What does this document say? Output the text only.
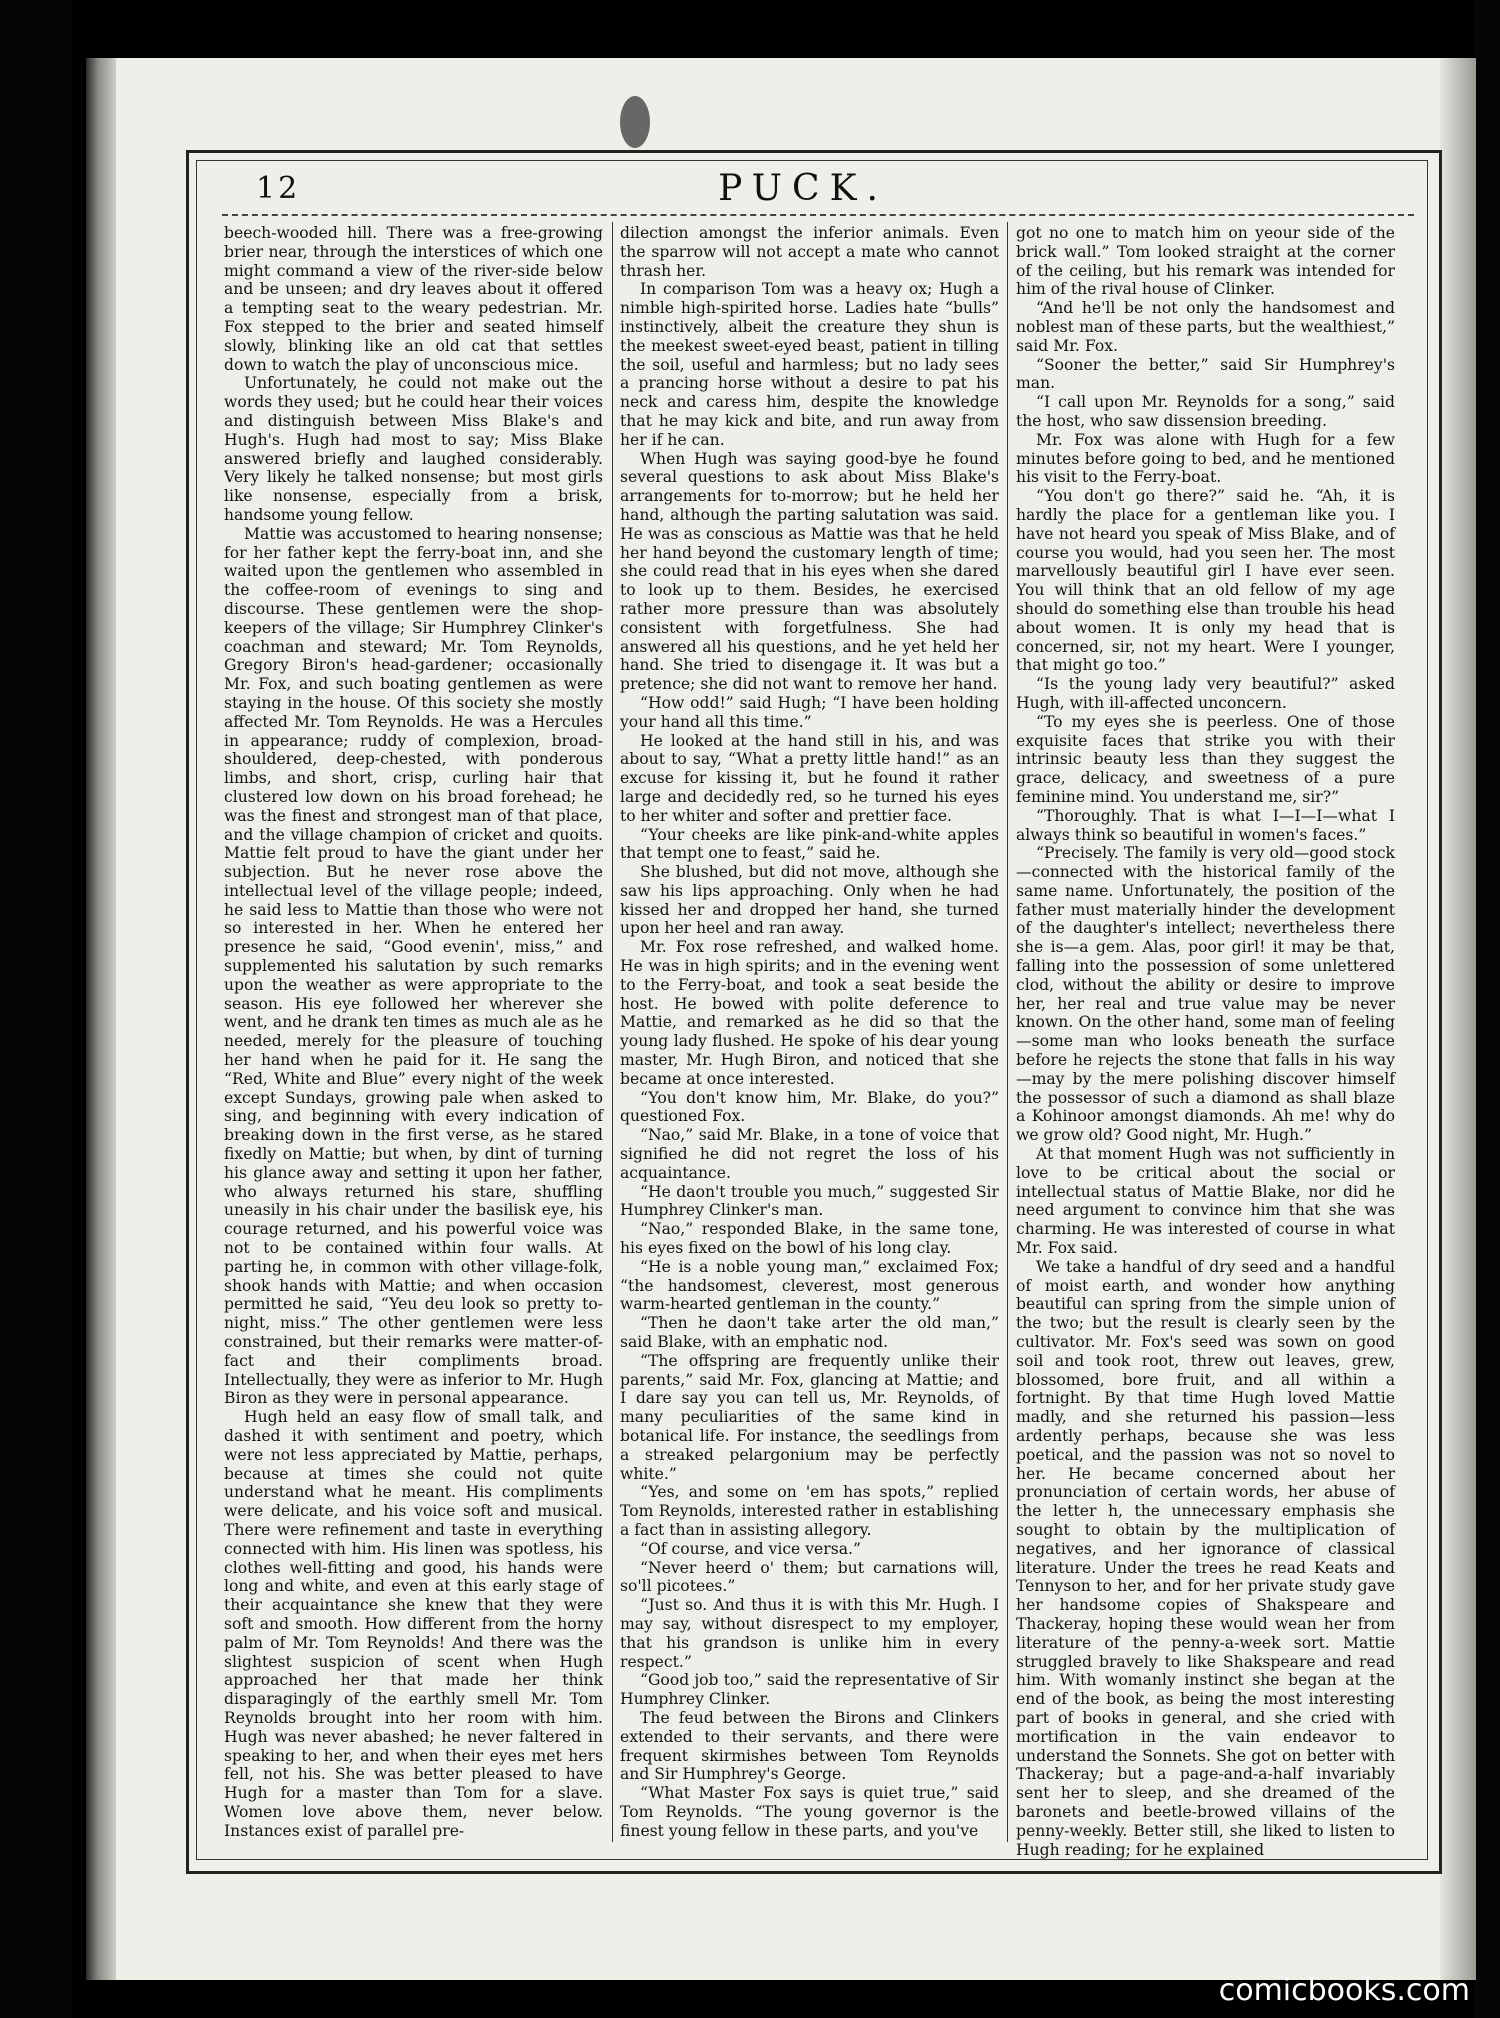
12	PUCK.

beech-wooded hill. There was a free-growing brier near, through the interstices of which one might command a view of the river-side below and be unseen; and dry leaves about it offered a tempting seat to the weary pedestrian. Mr. Fox stepped to the brier and seated himself slowly, blinking like an old cat that settles down to watch the play of unconscious mice.

Unfortunately, he could not make out the words they used; but he could hear their voices and distinguish between Miss Blake's and Hugh's. Hugh had most to say; Miss Blake answered briefly and laughed considerably. Very likely he talked nonsense; but most girls like nonsense, especially from a brisk, handsome young fellow.

Mattie was accustomed to hearing nonsense; for her father kept the ferry-boat inn, and she waited upon the gentlemen who assembled in the coffee-room of evenings to sing and discourse. These gentlemen were the shop-keepers of the village; Sir Humphrey Clinker's coachman and steward; Mr. Tom Reynolds, Gregory Biron's head-gardener; occasionally Mr. Fox, and such boating gentlemen as were staying in the house. Of this society she mostly affected Mr. Tom Reynolds. He was a Hercules in appearance; ruddy of complexion, broad-shouldered, deep-chested, with ponderous limbs, and short, crisp, curling hair that clustered low down on his broad forehead; he was the finest and strongest man of that place, and the village champion of cricket and quoits. Mattie felt proud to have the giant under her subjection. But he never rose above the intellectual level of the village people; indeed, he said less to Mattie than those who were not so interested in her. When he entered her presence he said, “Good evenin', miss,” and supplemented his salutation by such remarks upon the weather as were appropriate to the season. His eye followed her wherever she went, and he drank ten times as much ale as he needed, merely for the pleasure of touching her hand when he paid for it. He sang the “Red, White and Blue” every night of the week except Sundays, growing pale when asked to sing, and beginning with every indication of breaking down in the first verse, as he stared fixedly on Mattie; but when, by dint of turning his glance away and setting it upon her father, who always returned his stare, shuffling uneasily in his chair under the basilisk eye, his courage returned, and his powerful voice was not to be contained within four walls. At parting he, in common with other village-folk, shook hands with Mattie; and when occasion permitted he said, “Yeu deu look so pretty to-night, miss.” The other gentlemen were less constrained, but their remarks were matter-of-fact and their compliments broad. Intellectually, they were as inferior to Mr. Hugh Biron as they were in personal appearance.

Hugh held an easy flow of small talk, and dashed it with sentiment and poetry, which were not less appreciated by Mattie, perhaps, because at times she could not quite understand what he meant. His compliments were delicate, and his voice soft and musical. There were refinement and taste in everything connected with him. His linen was spotless, his clothes well-fitting and good, his hands were long and white, and even at this early stage of their acquaintance she knew that they were soft and smooth. How different from the horny palm of Mr. Tom Reynolds! And there was the slightest suspicion of scent when Hugh approached her that made her think disparagingly of the earthly smell Mr. Tom Reynolds brought into her room with him. Hugh was never abashed; he never faltered in speaking to her, and when their eyes met hers fell, not his. She was better pleased to have Hugh for a master than Tom for a slave. Women love above them, never below. Instances exist of parallel pre-

dilection amongst the inferior animals. Even the sparrow will not accept a mate who cannot thrash her.

In comparison Tom was a heavy ox; Hugh a nimble high-spirited horse. Ladies hate “bulls” instinctively, albeit the creature they shun is the meekest sweet-eyed beast, patient in tilling the soil, useful and harmless; but no lady sees a prancing horse without a desire to pat his neck and caress him, despite the knowledge that he may kick and bite, and run away from her if he can.

When Hugh was saying good-bye he found several questions to ask about Miss Blake's arrangements for to-morrow; but he held her hand, although the parting salutation was said. He was as conscious as Mattie was that he held her hand beyond the customary length of time; she could read that in his eyes when she dared to look up to them. Besides, he exercised rather more pressure than was absolutely consistent with forgetfulness. She had answered all his questions, and he yet held her hand. She tried to disengage it. It was but a pretence; she did not want to remove her hand.

“How odd!” said Hugh; “I have been holding your hand all this time.”

He looked at the hand still in his, and was about to say, “What a pretty little hand!” as an excuse for kissing it, but he found it rather large and decidedly red, so he turned his eyes to her whiter and softer and prettier face.

“Your cheeks are like pink-and-white apples that tempt one to feast,” said he.

She blushed, but did not move, although she saw his lips approaching. Only when he had kissed her and dropped her hand, she turned upon her heel and ran away.

Mr. Fox rose refreshed, and walked home. He was in high spirits; and in the evening went to the Ferry-boat, and took a seat beside the host. He bowed with polite deference to Mattie, and remarked as he did so that the young lady flushed. He spoke of his dear young master, Mr. Hugh Biron, and noticed that she became at once interested.

“You don't know him, Mr. Blake, do you?” questioned Fox.

“Nao,” said Mr. Blake, in a tone of voice that signified he did not regret the loss of his acquaintance.

“He daon't trouble you much,” suggested Sir Humphrey Clinker's man.

“Nao,” responded Blake, in the same tone, his eyes fixed on the bowl of his long clay.

“He is a noble young man,” exclaimed Fox; “the handsomest, cleverest, most generous warm-hearted gentleman in the county.”

“Then he daon't take arter the old man,” said Blake, with an emphatic nod.

“The offspring are frequently unlike their parents,” said Mr. Fox, glancing at Mattie; and I dare say you can tell us, Mr. Reynolds, of many peculiarities of the same kind in botanical life. For instance, the seedlings from a streaked pelargonium may be perfectly white.”

“Yes, and some on 'em has spots,” replied Tom Reynolds, interested rather in establishing a fact than in assisting allegory.

“Of course, and vice versa.”

“Never heerd o' them; but carnations will, so'll picotees.”

“Just so. And thus it is with this Mr. Hugh. I may say, without disrespect to my employer, that his grandson is unlike him in every respect.”

“Good job too,” said the representative of Sir Humphrey Clinker.

The feud between the Birons and Clinkers extended to their servants, and there were frequent skirmishes between Tom Reynolds and Sir Humphrey's George.

“What Master Fox says is quiet true,” said Tom Reynolds. “The young governor is the finest young fellow in these parts, and you've

got no one to match him on yeour side of the brick wall.” Tom looked straight at the corner of the ceiling, but his remark was intended for him of the rival house of Clinker.

“And he'll be not only the handsomest and noblest man of these parts, but the wealthiest,” said Mr. Fox.

“Sooner the better,” said Sir Humphrey's man.

“I call upon Mr. Reynolds for a song,” said the host, who saw dissension breeding.

Mr. Fox was alone with Hugh for a few minutes before going to bed, and he mentioned his visit to the Ferry-boat.

“You don't go there?” said he. “Ah, it is hardly the place for a gentleman like you. I have not heard you speak of Miss Blake, and of course you would, had you seen her. The most marvellously beautiful girl I have ever seen. You will think that an old fellow of my age should do something else than trouble his head about women. It is only my head that is concerned, sir, not my heart. Were I younger, that might go too.”

“Is the young lady very beautiful?” asked Hugh, with ill-affected unconcern.

“To my eyes she is peerless. One of those exquisite faces that strike you with their intrinsic beauty less than they suggest the grace, delicacy, and sweetness of a pure feminine mind. You understand me, sir?”

“Thoroughly. That is what I—I—I—what I always think so beautiful in women's faces.”

“Precisely. The family is very old—good stock—connected with the historical family of the same name. Unfortunately, the position of the father must materially hinder the development of the daughter's intellect; nevertheless there she is—a gem. Alas, poor girl! it may be that, falling into the possession of some unlettered clod, without the ability or desire to improve her, her real and true value may be never known. On the other hand, some man of feeling—some man who looks beneath the surface before he rejects the stone that falls in his way—may by the mere polishing discover himself the possessor of such a diamond as shall blaze a Kohinoor amongst diamonds. Ah me! why do we grow old? Good night, Mr. Hugh.”

At that moment Hugh was not sufficiently in love to be critical about the social or intellectual status of Mattie Blake, nor did he need argument to convince him that she was charming. He was interested of course in what Mr. Fox said.

We take a handful of dry seed and a handful of moist earth, and wonder how anything beautiful can spring from the simple union of the two; but the result is clearly seen by the cultivator. Mr. Fox's seed was sown on good soil and took root, threw out leaves, grew, blossomed, bore fruit, and all within a fortnight. By that time Hugh loved Mattie madly, and she returned his passion—less ardently perhaps, because she was less poetical, and the passion was not so novel to her. He became concerned about her pronunciation of certain words, her abuse of the letter h, the unnecessary emphasis she sought to obtain by the multiplication of negatives, and her ignorance of classical literature. Under the trees he read Keats and Tennyson to her, and for her private study gave her handsome copies of Shakspeare and Thackeray, hoping these would wean her from literature of the penny-a-week sort. Mattie struggled bravely to like Shakspeare and read him. With womanly instinct she began at the end of the book, as being the most interesting part of books in general, and she cried with mortification in the vain endeavor to understand the Sonnets. She got on better with Thackeray; but a page-and-a-half invariably sent her to sleep, and she dreamed of the baronets and beetle-browed villains of the penny-weekly. Better still, she liked to listen to Hugh reading; for he explained

comicbooks.com
